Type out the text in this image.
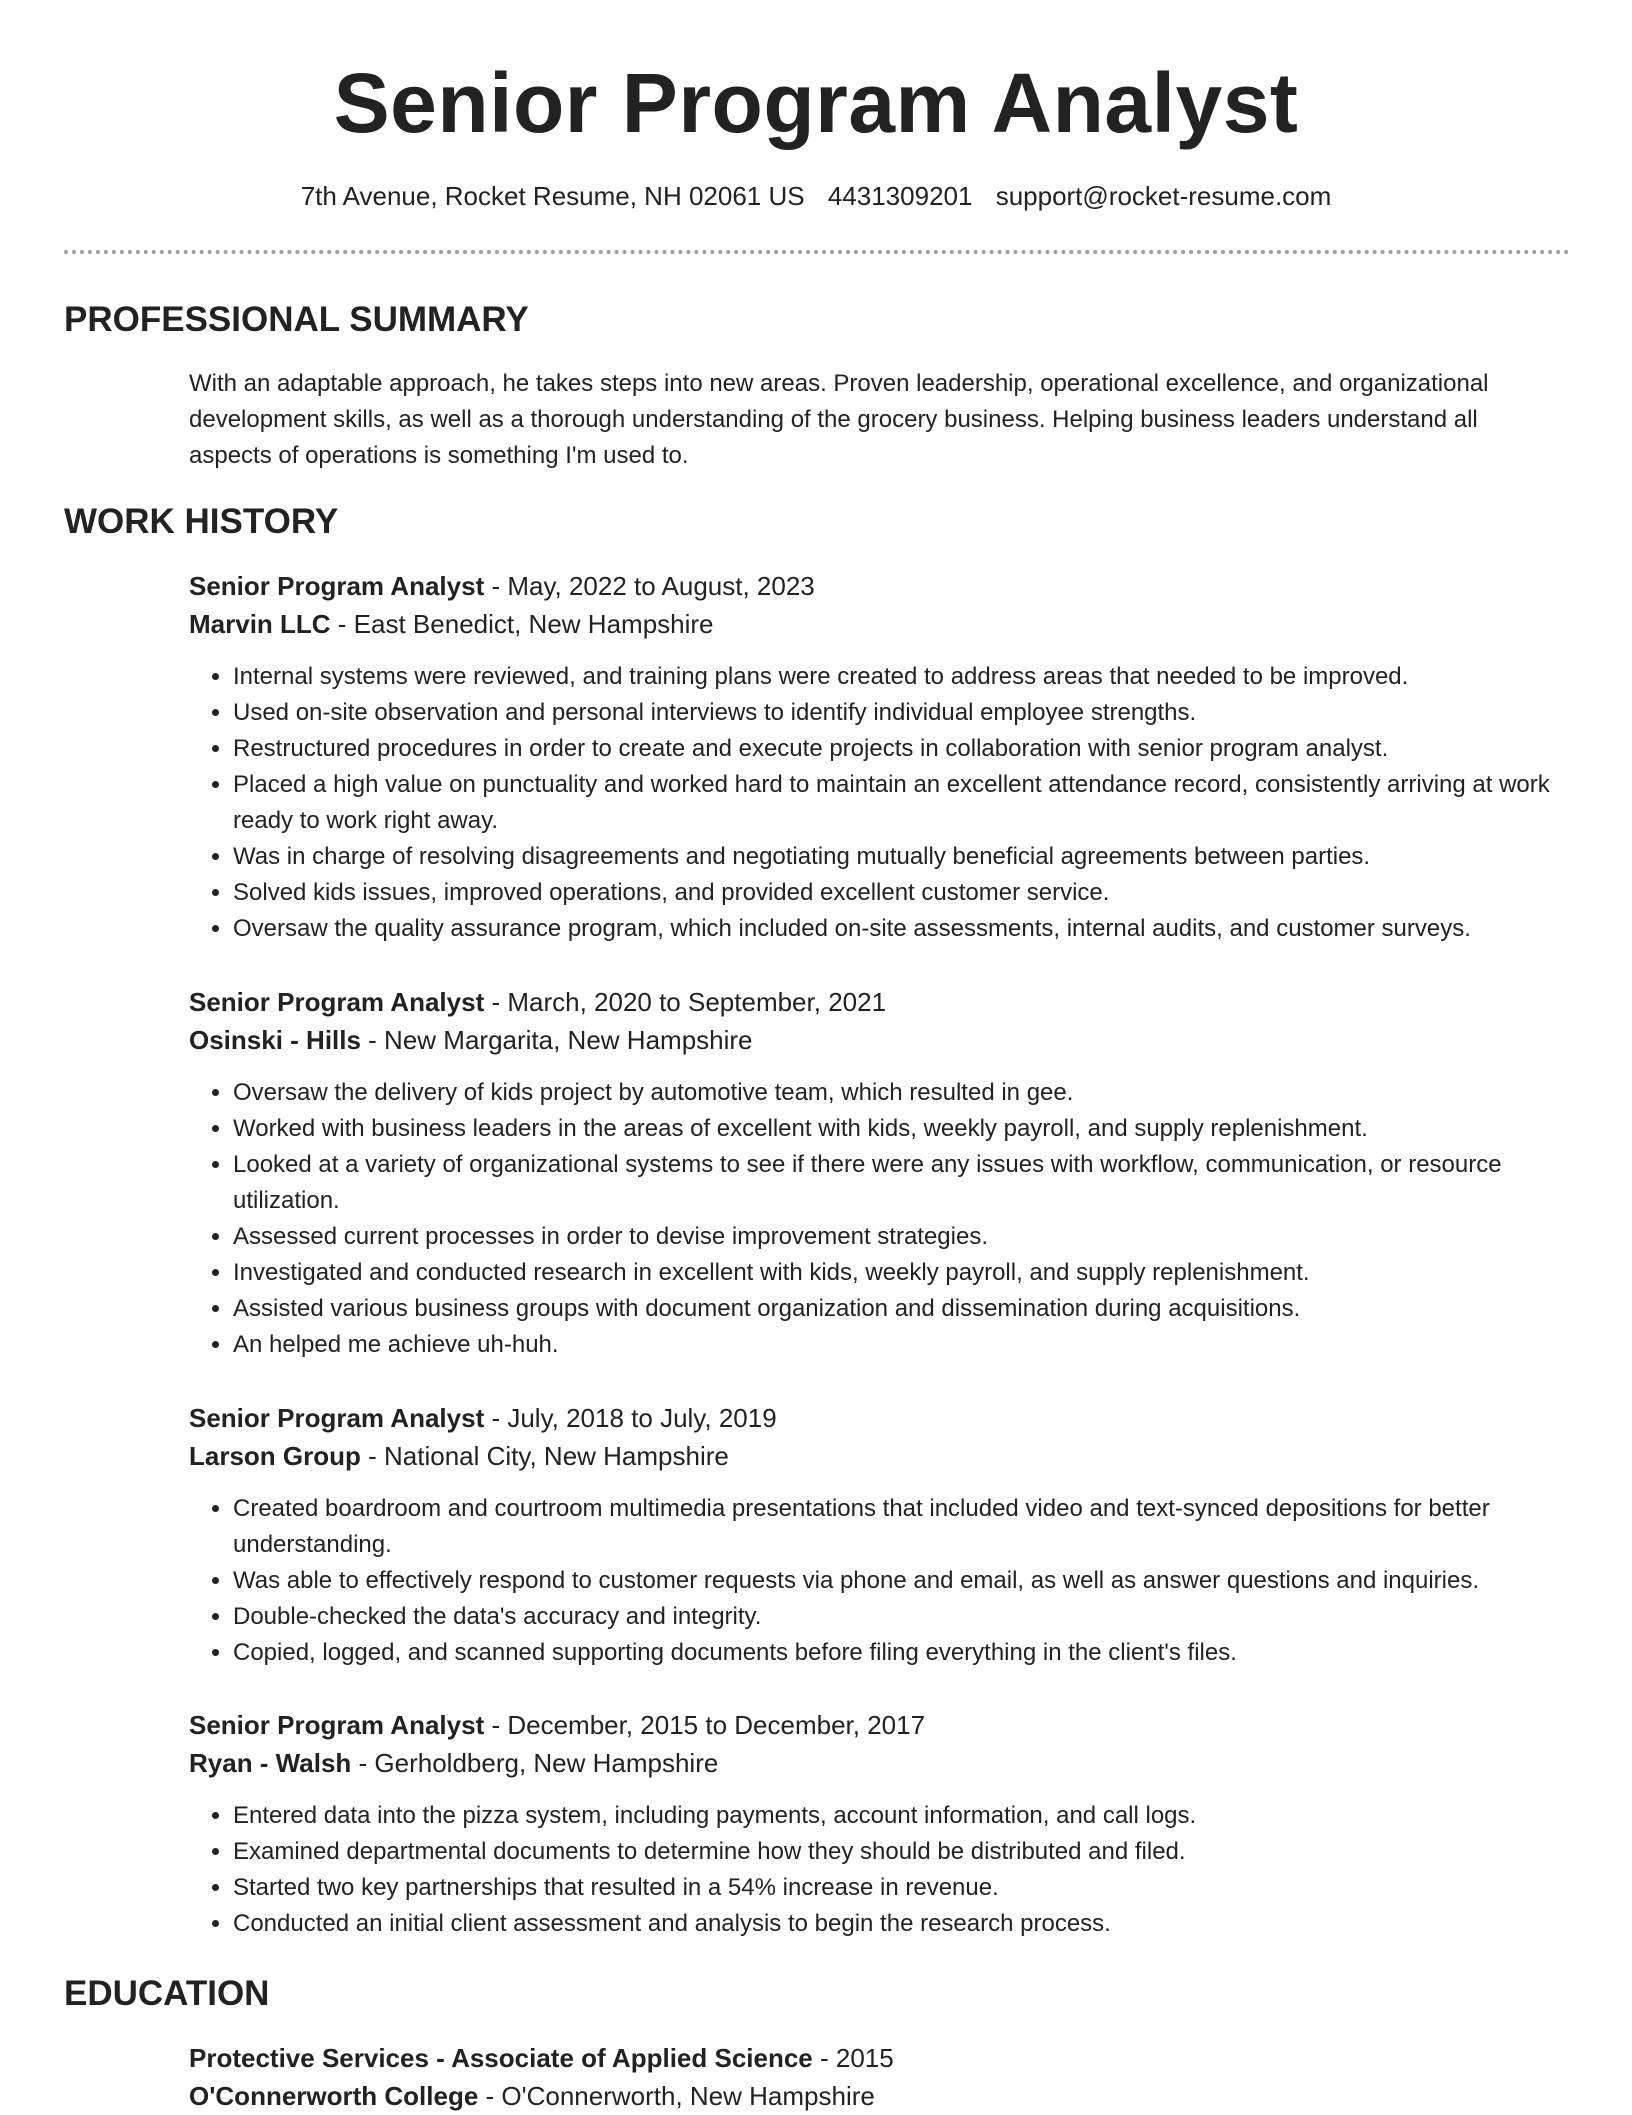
Senior Program Analyst
7th Avenue, Rocket Resume, NH 02061 US 4431309201 support@rocket-resume.com
PROFESSIONAL SUMMARY

With an adaptable approach, he takes steps into new areas. Proven leadership, operational excellence, and organizational development skills, as well as a thorough understanding of the grocery business. Helping business leaders understand all aspects of operations is something I'm used to.

WORK HISTORY
Senior Program Analyst - May, 2022 to August, 2023
Marvin LLC - East Benedict, New Hampshire
• Internal systems were reviewed, and training plans were created to address areas that needed to be improved.
• Used on-site observation and personal interviews to identify individual employee strengths.
• Restructured procedures in order to create and execute projects in collaboration with senior program analyst.
• Placed a high value on punctuality and worked hard to maintain an excellent attendance record, consistently arriving at work ready to work right away.
• Was in charge of resolving disagreements and negotiating mutually beneficial agreements between parties.
• Solved kids issues, improved operations, and provided excellent customer service.
• Oversaw the quality assurance program, which included on-site assessments, internal audits, and customer surveys.
Senior Program Analyst - March, 2020 to September, 2021
Osinski - Hills - New Margarita, New Hampshire
• Oversaw the delivery of kids project by automotive team, which resulted in gee.
• Worked with business leaders in the areas of excellent with kids, weekly payroll, and supply replenishment.
• Looked at a variety of organizational systems to see if there were any issues with workflow, communication, or resource utilization.
• Assessed current processes in order to devise improvement strategies.
• Investigated and conducted research in excellent with kids, weekly payroll, and supply replenishment.
• Assisted various business groups with document organization and dissemination during acquisitions.
• An helped me achieve uh-huh.
Senior Program Analyst - July, 2018 to July, 2019
Larson Group - National City, New Hampshire
• Created boardroom and courtroom multimedia presentations that included video and text-synced depositions for better understanding.
• Was able to effectively respond to customer requests via phone and email, as well as answer questions and inquiries.
• Double-checked the data's accuracy and integrity.
• Copied, logged, and scanned supporting documents before filing everything in the client's files.
Senior Program Analyst - December, 2015 to December, 2017
Ryan - Walsh - Gerholdberg, New Hampshire
• Entered data into the pizza system, including payments, account information, and call logs.
• Examined departmental documents to determine how they should be distributed and filed.
• Started two key partnerships that resulted in a 54% increase in revenue.
• Conducted an initial client assessment and analysis to begin the research process.
EDUCATION
Protective Services - Associate of Applied Science - 2015
O'Connerworth College - O'Connerworth, New Hampshire
